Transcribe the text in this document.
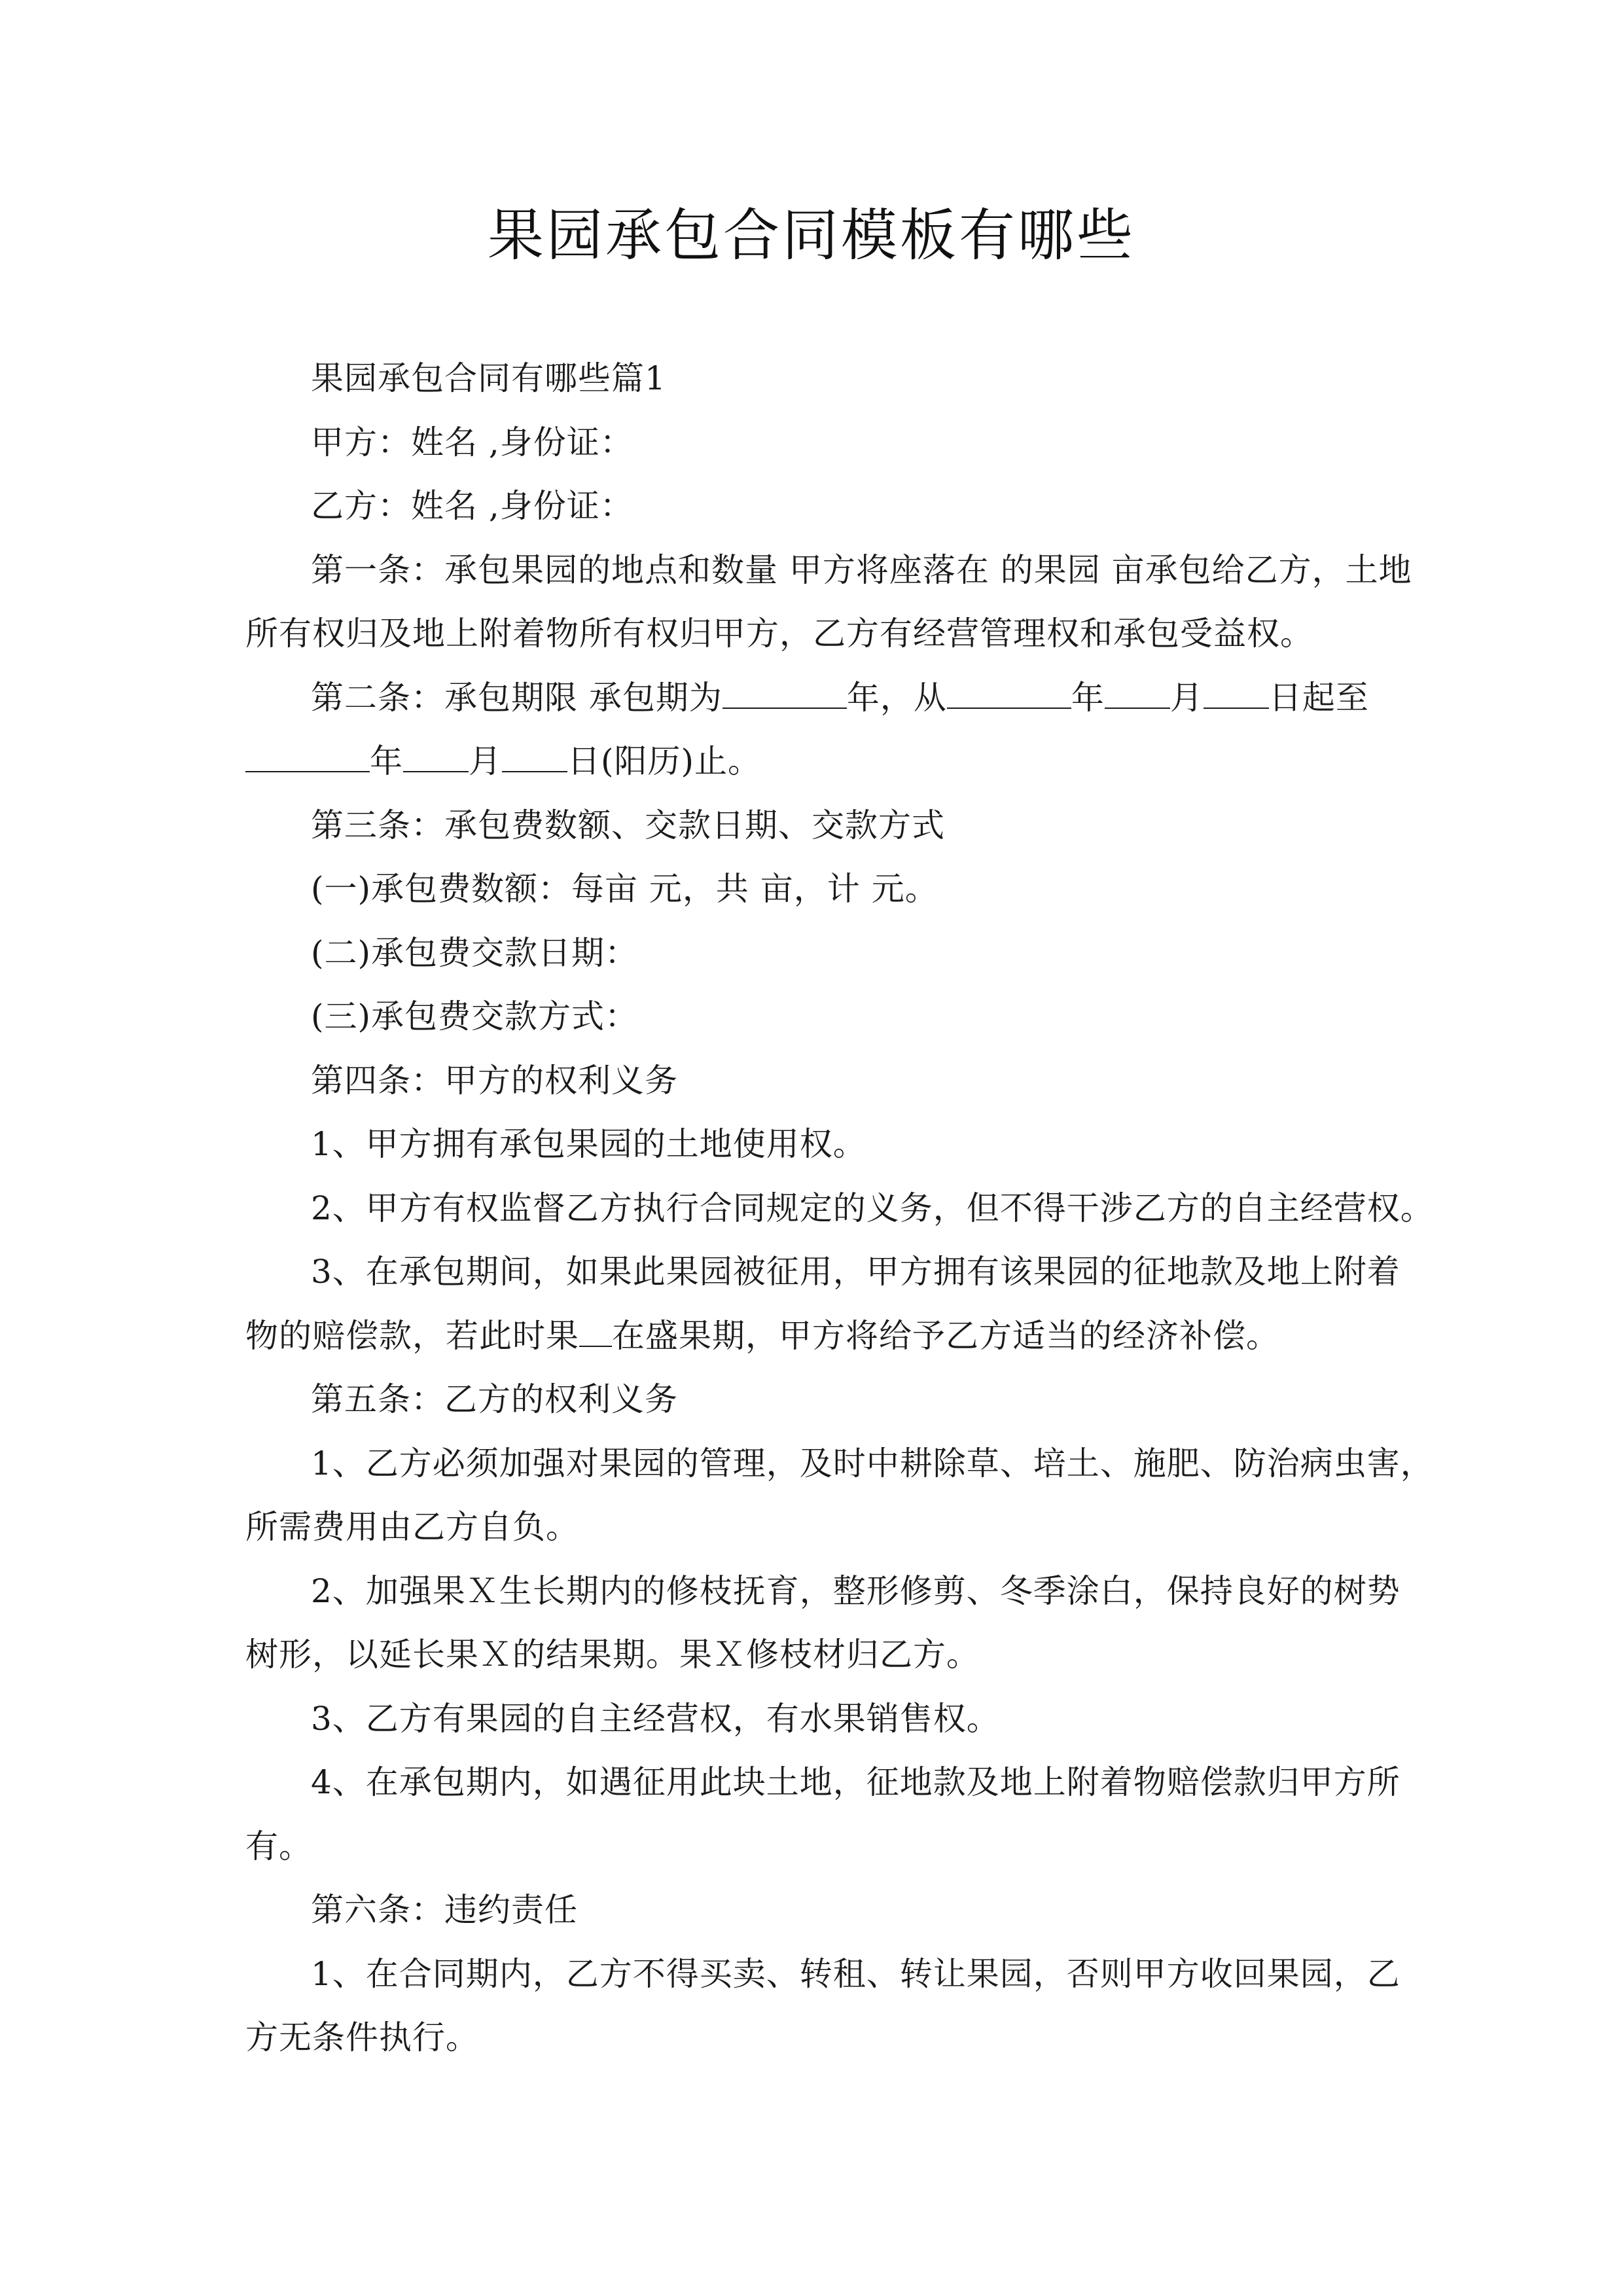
果园承包合同模板有哪些
果园承包合同有哪些篇1
甲方：姓名 ,身份证：
乙方：姓名 ,身份证：
第一条：承包果园的地点和数量 甲方将座落在 的果园 亩承包给乙方，土地
所有权归及地上附着物所有权归甲方，乙方有经营管理权和承包受益权。
第二条：承包期限 承包期为	年，从	年 月 日起至
年 月 日(阳历)止。
第三条：承包费数额、交款日期、交款方式
(一)承包费数额：每亩 元，共 亩，计 元。
(二)承包费交款日期：
(三)承包费交款方式：
第四条：甲方的权利义务
1、甲方拥有承包果园的土地使用权。
2、甲方有权监督乙方执行合同规定的义务，但不得干涉乙方的自主经营权。
3、在承包期间，如果此果园被征用，甲方拥有该果园的征地款及地上附着
物的赔偿款，若此时果 在盛果期，甲方将给予乙方适当的经济补偿。
第五条：乙方的权利义务
1、乙方必须加强对果园的管理，及时中耕除草、培土、施肥、防治病虫害，
所需费用由乙方自负。
2、加强果Ｘ生长期内的修枝抚育，整形修剪、冬季涂白，保持良好的树势
树形，以延长果Ｘ的结果期。果Ｘ修枝材归乙方。
3、乙方有果园的自主经营权，有水果销售权。
4、在承包期内，如遇征用此块土地，征地款及地上附着物赔偿款归甲方所
有。
第六条：违约责任
1、在合同期内，乙方不得买卖、转租、转让果园，否则甲方收回果园，乙
方无条件执行。
